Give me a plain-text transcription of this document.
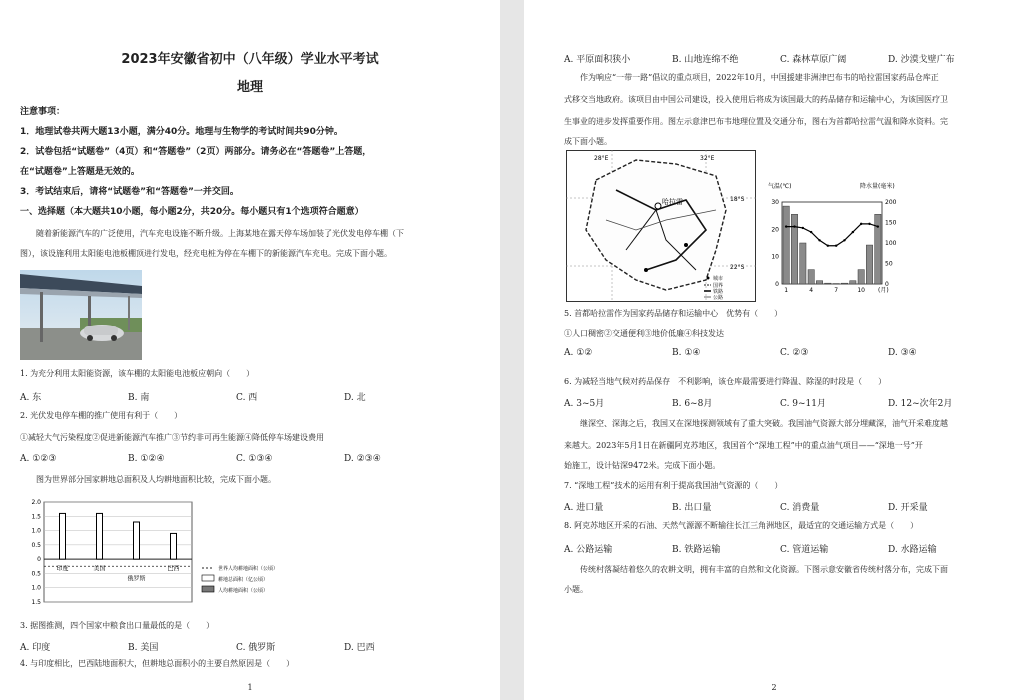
2023年安徽省初中（八年级）学业水平考试
地理
注意事项：
1．地理试卷共两大题13小题，满分40分。地理与生物学的考试时间共90分钟。
2．试卷包括“试题卷”（4页）和“答题卷”（2页）两部分。请务必在“答题卷”上答题，
在“试题卷”上答题是无效的。
3．考试结束后，请将“试题卷”和“答题卷”一并交回。
一、选择题（本大题共10小题，每小题2分，共20分。每小题只有1个选项符合题意）
随着新能源汽车的广泛使用，汽车充电设施不断升级。上海某地在露天停车场加装了光伏发电停车棚（下
图），该设施利用太阳能电池板棚顶进行发电，经充电桩为停在车棚下的新能源汽车充电。完成下面小题。
1. 为充分利用太阳能资源，该车棚的太阳能电池板应朝向（　　）
A. 东	B. 南	C. 西	D. 北
2. 光伏发电停车棚的推广使用有利于（　　）
①减轻大气污染程度②促进新能源汽车推广③节约非可再生能源④降低停车场建设费用
A. ①②③	B. ①②④	C. ①③④	D. ②③④
图为世界部分国家耕地总面积及人均耕地面积比较，完成下面小题。
2.0
1.5
1.0
0.5
0
0.5
1.0
1.5
印度	美国
俄罗斯
巴西	世界人均耕地面积（公顷）
耕地总面积（亿公顷）
人均耕地面积（公顷）
3. 据图推测，四个国家中粮食出口量最低的是（　　）
A. 印度	B. 美国	C. 俄罗斯	D. 巴西
4. 与印度相比，巴西陆地面积大，但耕地总面积小的主要自然原因是（　　）
1
A. 平原面积狭小	B. 山地连绵不绝	C. 森林草原广阔	D. 沙漠戈壁广布
作为响应“一带一路”倡议的重点项目，2022年10月，中国援建非洲津巴布韦的哈拉雷国家药品仓库正
式移交当地政府。该项目由中国公司建设，投入使用后将成为该国最大的药品储存和运输中心，为该国医疗卫
生事业的进步发挥重要作用。图左示意津巴布韦地理位置及交通分布，图右为首都哈拉雷气温和降水资料。完
成下面小题。
28°E	32°E
18°S
22°S
哈拉雷
城市
国界
铁路
公路
气温(℃)	降水量(毫米)
30
20
10
0
200
150
100
50
0
1	4	7	10 (月)
5. 首都哈拉雷作为国家药品储存和运输中心　优势有（　　）
①人口稠密②交通便利③地价低廉④科技发达
A. ①②	B. ①④	C. ②③	D. ③④
6. 为减轻当地气候对药品保存　不利影响，该仓库最需要进行降温、除湿的时段是（　　）
A. 3~5月	B. 6~8月	C. 9~11月	D. 12~次年2月
继深空、深海之后，我国又在深地探测领域有了重大突破。我国油气资源大部分埋藏深，油气开采难度越
来越大。2023年5月1日在新疆阿克苏地区，我国首个“深地工程”中的重点油气项目——“深地一号”开
始施工，设计钻深9472米。完成下面小题。
7. “深地工程”技术的运用有利于提高我国油气资源的（　　）
A. 进口量	B. 出口量	C. 消费量	D. 开采量
8. 阿克苏地区开采的石油、天然气源源不断输往长江三角洲地区，最适宜的交通运输方式是（　　）
A. 公路运输	B. 铁路运输	C. 管道运输	D. 水路运输
传统村落凝结着悠久的农耕文明，拥有丰富的自然和文化资源。下图示意安徽省传统村落分布，完成下面
小题。
2
